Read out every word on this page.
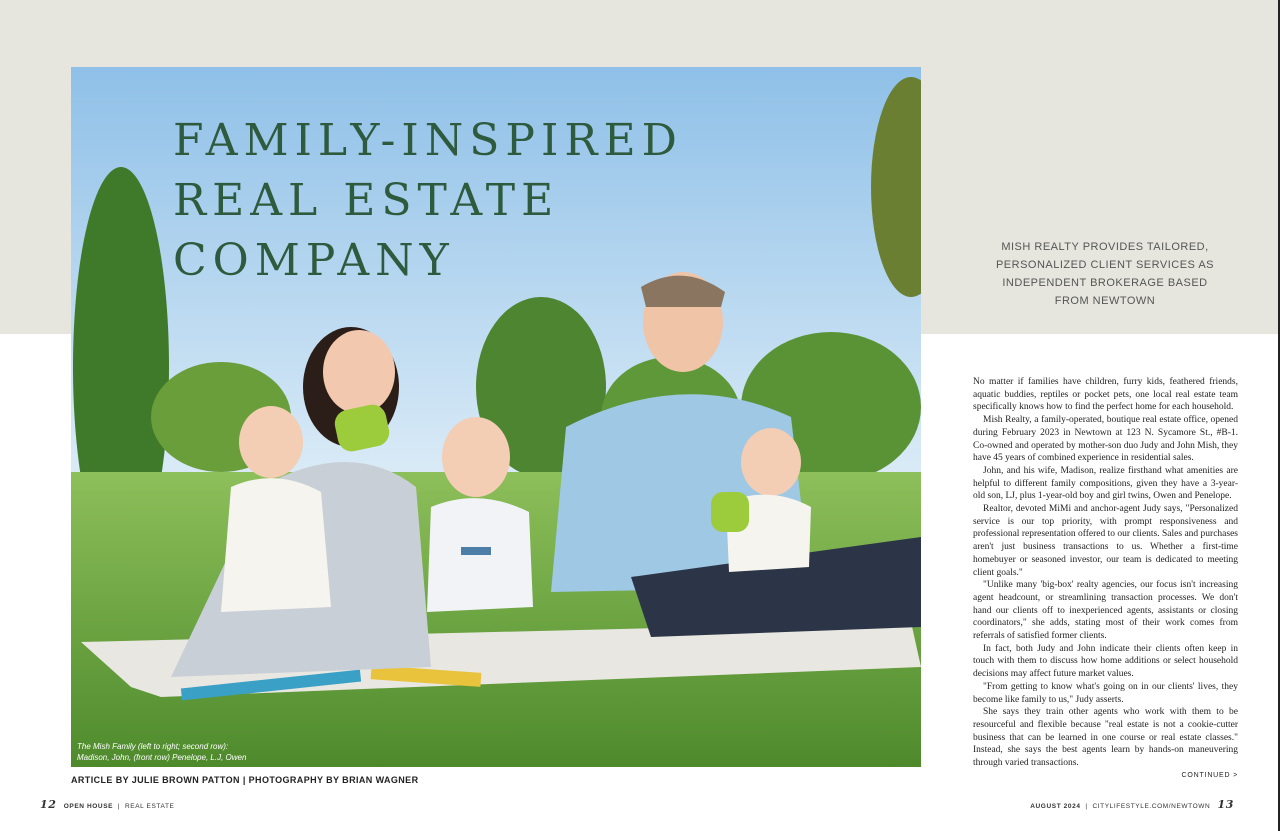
FAMILY-INSPIRED
REAL ESTATE
COMPANY
The Mish Family (left to right; second row):
Madison, John, (front row) Penelope, L.J, Owen
MISH REALTY PROVIDES TAILORED,
PERSONALIZED CLIENT SERVICES AS
INDEPENDENT BROKERAGE BASED
FROM NEWTOWN

No matter if families have children, furry kids, feathered friends, aquatic buddies, reptiles or pocket pets, one local real estate team specifically knows how to find the perfect home for each household.

Mish Realty, a family-operated, boutique real estate office, opened during February 2023 in Newtown at 123 N. Sycamore St., #B-1. Co-owned and operated by mother-son duo Judy and John Mish, they have 45 years of combined experience in residential sales.

John, and his wife, Madison, realize firsthand what amenities are helpful to different family compositions, given they have a 3-year-old son, LJ, plus 1-year-old boy and girl twins, Owen and Penelope.

Realtor, devoted MiMi and anchor-agent Judy says, "Personalized service is our top priority, with prompt responsiveness and professional representation offered to our clients. Sales and purchases aren't just business transactions to us. Whether a first-time homebuyer or seasoned investor, our team is dedicated to meeting client goals."

"Unlike many 'big-box' realty agencies, our focus isn't increasing agent headcount, or streamlining transaction processes. We don't hand our clients off to inexperienced agents, assistants or closing coordinators," she adds, stating most of their work comes from referrals of satisfied former clients.

In fact, both Judy and John indicate their clients often keep in touch with them to discuss how home additions or select household decisions may affect future market values.

"From getting to know what's going on in our clients' lives, they become like family to us," Judy asserts.

She says they train other agents who work with them to be resourceful and flexible because "real estate is not a cookie-cutter business that can be learned in one course or real estate classes." Instead, she says the best agents learn by hands-on maneuvering through varied transactions.

CONTINUED >
ARTICLE BY JULIE BROWN PATTON | PHOTOGRAPHY BY BRIAN WAGNER
12 OPEN HOUSE | REAL ESTATE	AUGUST 2024 | CITYLIFESTYLE.COM/NEWTOWN 13
